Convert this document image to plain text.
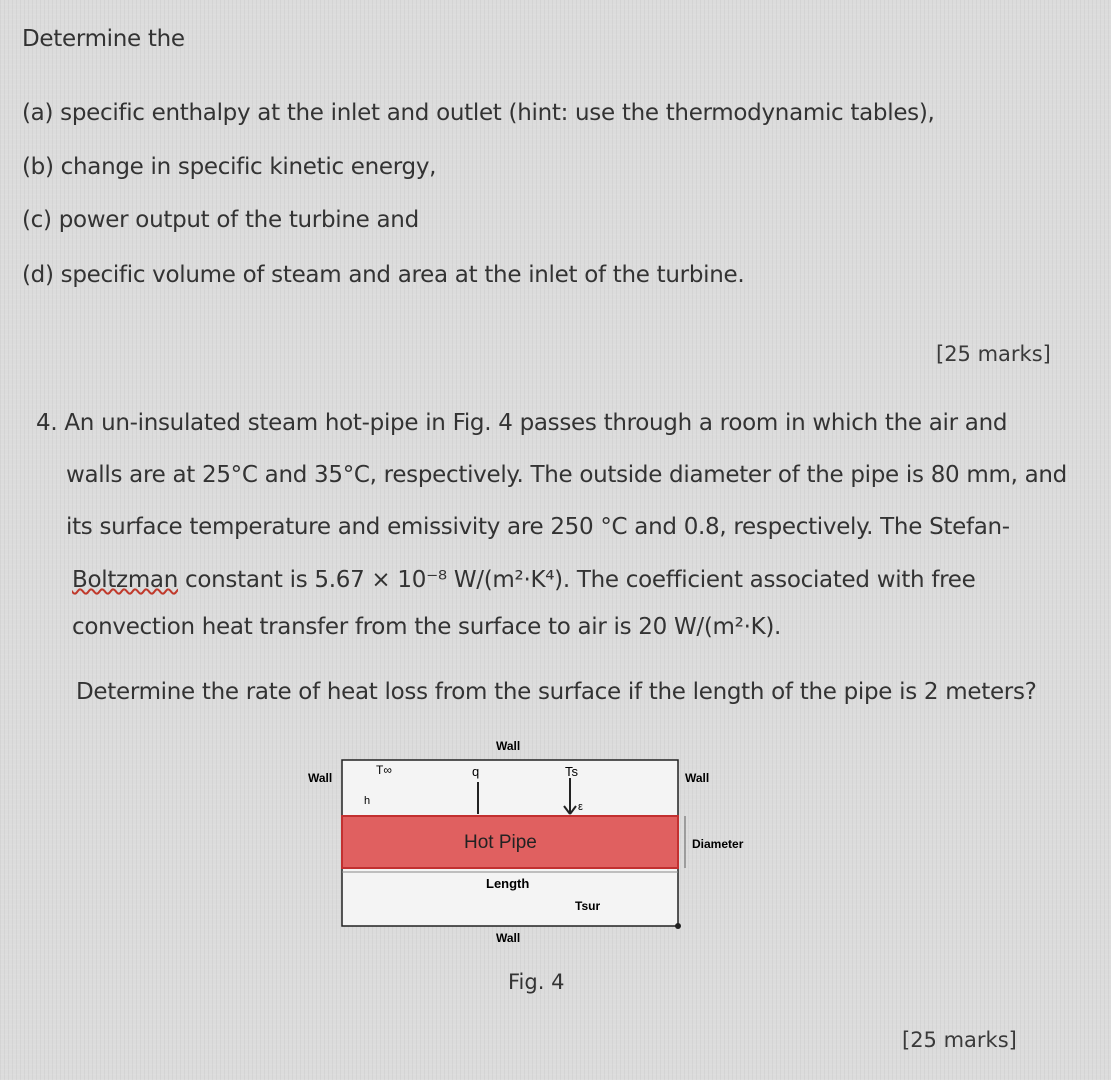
Determine the
(a) specific enthalpy at the inlet and outlet (hint: use the thermodynamic tables),
(b) change in specific kinetic energy,
(c) power output of the turbine and
(d) specific volume of steam and area at the inlet of the turbine.
[25 marks]
4. An un-insulated steam hot-pipe in Fig. 4 passes through a room in which the air and
walls are at 25°C and 35°C, respectively. The outside diameter of the pipe is 80 mm, and
its surface temperature and emissivity are 250 °C and 0.8, respectively. The Stefan-
Boltzman constant is 5.67 × 10⁻⁸ W/(m²·K⁴). The coefficient associated with free
convection heat transfer from the surface to air is 20 W/(m²·K).
Determine the rate of heat loss from the surface if the length of the pipe is 2 meters?
Wall
Wall	Wall
Wall
T∞
h
q	Ts
ε
Hot Pipe
Length
Tsur
Diameter
Fig. 4
[25 marks]
